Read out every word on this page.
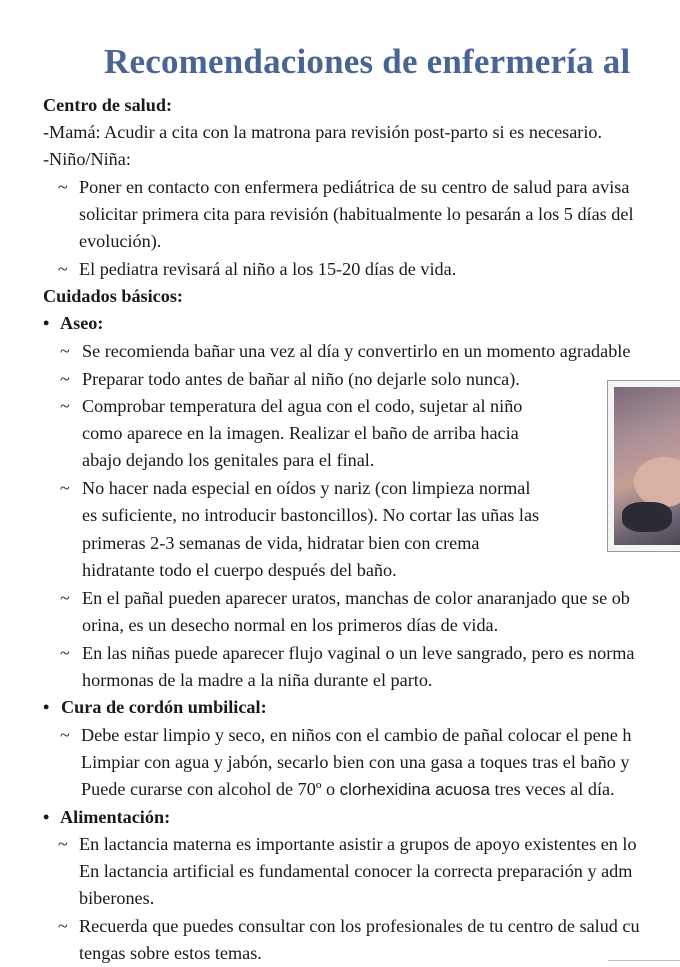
Recomendaciones de enfermería al
Centro de salud:
-Mamá: Acudir a cita con la matrona para revisión post-parto si es necesario.
-Niño/Niña:
~ Poner en contacto con enfermera pediátrica de su centro de salud para avisa
solicitar primera cita para revisión (habitualmente lo pesarán a los 5 días del
evolución).
~ El pediatra revisará al niño a los 15-20 días de vida.
Cuidados básicos:
• Aseo:
~ Se recomienda bañar una vez al día y convertirlo en un momento agradable
~ Preparar todo antes de bañar al niño (no dejarle solo nunca).
~ Comprobar temperatura del agua con el codo, sujetar al niño
como aparece en la imagen. Realizar el baño de arriba hacia
abajo dejando los genitales para el final.
~ No hacer nada especial en oídos y nariz (con limpieza normal
es suficiente, no introducir bastoncillos). No cortar las uñas las
primeras 2-3 semanas de vida, hidratar bien con crema
hidratante todo el cuerpo después del baño.
~ En el pañal pueden aparecer uratos, manchas de color anaranjado que se ob
orina, es un desecho normal en los primeros días de vida.
~ En las niñas puede aparecer flujo vaginal o un leve sangrado, pero es norma
hormonas de la madre a la niña durante el parto.
• Cura de cordón umbilical:
~ Debe estar limpio y seco, en niños con el cambio de pañal colocar el pene h
Limpiar con agua y jabón, secarlo bien con una gasa a toques tras el baño y
Puede curarse con alcohol de 70º o clorhexidina acuosa tres veces al día.
• Alimentación:
~ En lactancia materna es importante asistir a grupos de apoyo existentes en lo
En lactancia artificial es fundamental conocer la correcta preparación y adm
biberones.
~ Recuerda que puedes consultar con los profesionales de tu centro de salud cu
tengas sobre estos temas.
